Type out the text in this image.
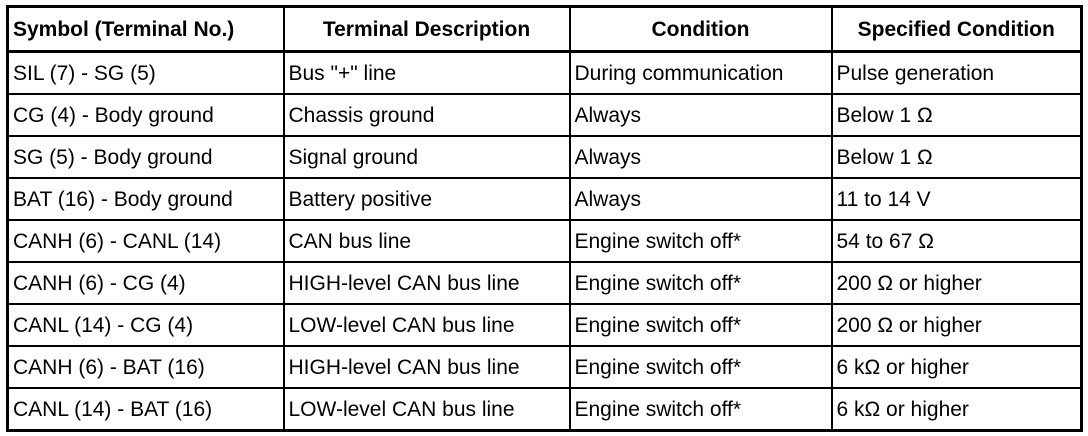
Symbol (Terminal No.)	Terminal Description	Condition	Specified Condition
SIL (7) - SG (5)	Bus "+" line	During communication	Pulse generation
CG (4) - Body ground	Chassis ground	Always	Below 1 Ω
SG (5) - Body ground	Signal ground	Always	Below 1 Ω
BAT (16) - Body ground	Battery positive	Always	11 to 14 V
CANH (6) - CANL (14)	CAN bus line	Engine switch off*	54 to 67 Ω
CANH (6) - CG (4)	HIGH-level CAN bus line	Engine switch off*	200 Ω or higher
CANL (14) - CG (4)	LOW-level CAN bus line	Engine switch off*	200 Ω or higher
CANH (6) - BAT (16)	HIGH-level CAN bus line	Engine switch off*	6 kΩ or higher
CANL (14) - BAT (16)	LOW-level CAN bus line	Engine switch off*	6 kΩ or higher
